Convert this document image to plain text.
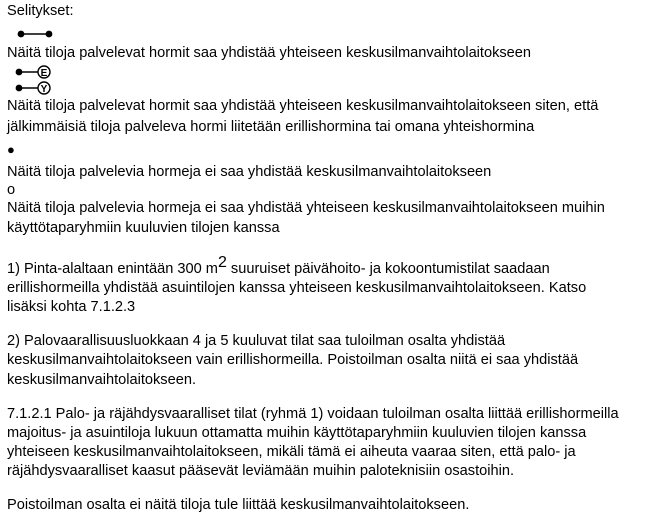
Selitykset:
Näitä tiloja palvelevat hormit saa yhdistää yhteiseen keskusilmanvaihtolaitokseen
E
Y
Näitä tiloja palvelevat hormit saa yhdistää yhteiseen keskusilmanvaihtolaitokseen siten, että
jälkimmäisiä tiloja palveleva hormi liitetään erillishormina tai omana yhteishormina
●
Näitä tiloja palvelevia hormeja ei saa yhdistää keskusilmanvaihtolaitokseen
o
Näitä tiloja palvelevia hormeja ei saa yhdistää yhteiseen keskusilmanvaihtolaitokseen muihin
käyttötaparyhmiin kuuluvien tilojen kanssa
1) Pinta-alaltaan enintään 300 $m^2$ suuruiset päivähoito- ja kokoontumistilat saadaan
erillishormeilla yhdistää asuintilojen kanssa yhteiseen keskusilmanvaihtolaitokseen. Katso
lisäksi kohta 7.1.2.3
2) Palovaarallisuusluokkaan 4 ja 5 kuuluvat tilat saa tuloilman osalta yhdistää
keskusilmanvaihtolaitokseen vain erillishormeilla. Poistoilman osalta niitä ei saa yhdistää
keskusilmanvaihtolaitokseen.
7.1.2.1 Palo- ja räjähdysvaaralliset tilat (ryhmä 1) voidaan tuloilman osalta liittää erillishormeilla
majoitus- ja asuintiloja lukuun ottamatta muihin käyttötaparyhmiin kuuluvien tilojen kanssa
yhteiseen keskusilmanvaihtolaitokseen, mikäli tämä ei aiheuta vaaraa siten, että palo- ja
räjähdysvaaralliset kaasut pääsevät leviämään muihin paloteknisiin osastoihin.
Poistoilman osalta ei näitä tiloja tule liittää keskusilmanvaihtolaitokseen.
